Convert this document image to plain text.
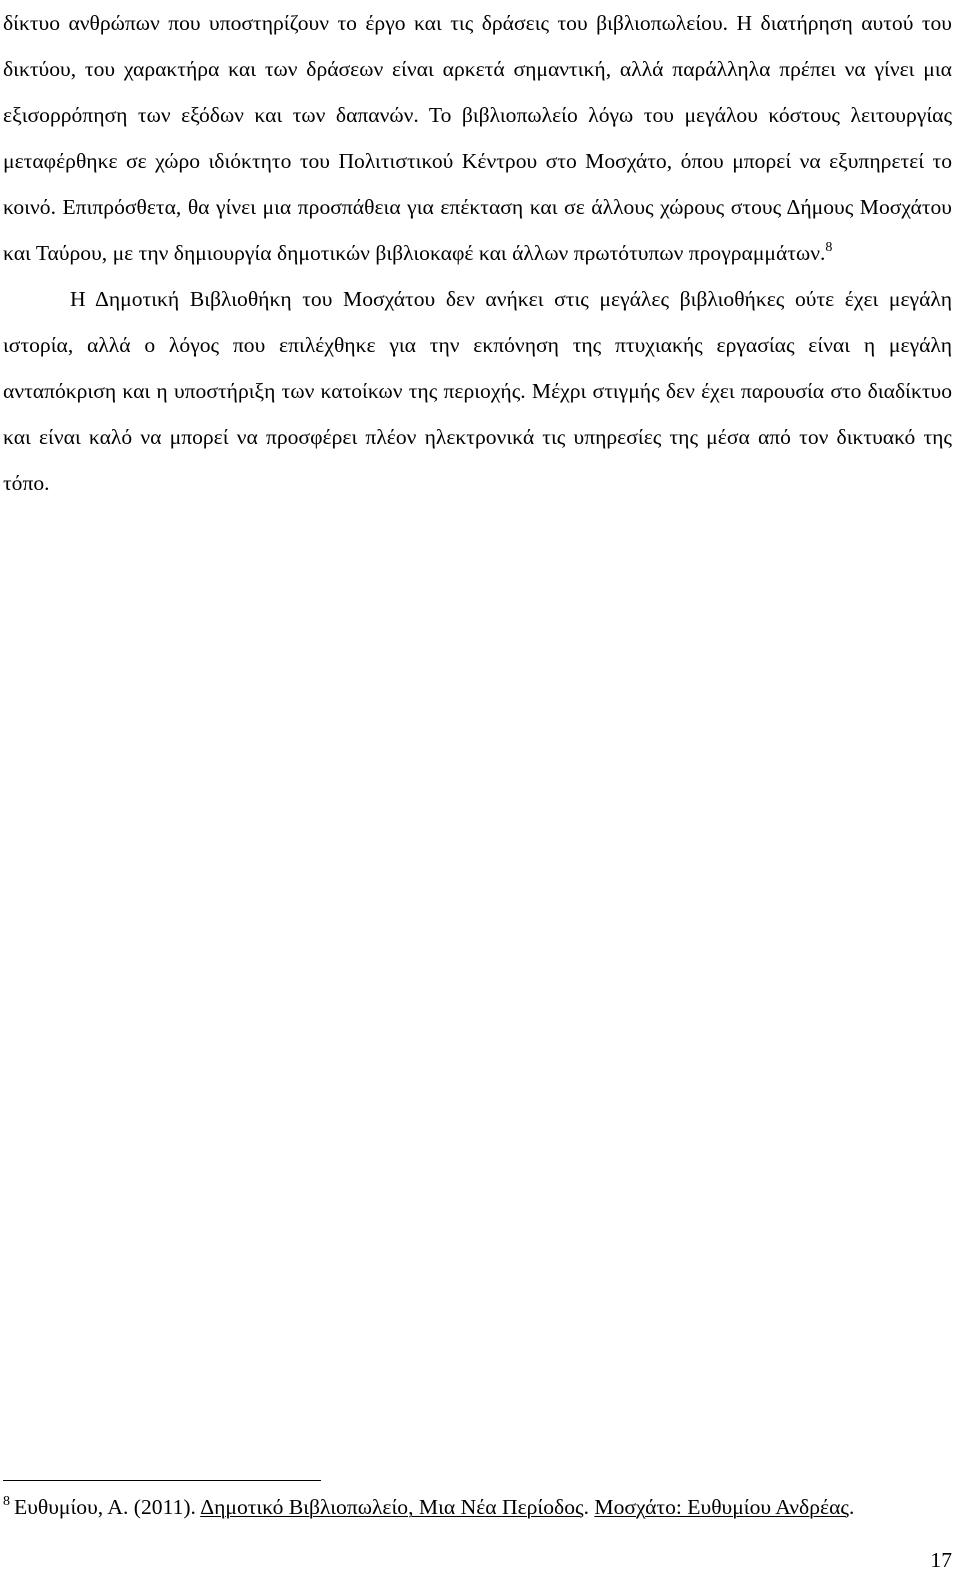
δίκτυο ανθρώπων που υποστηρίζουν το έργο και τις δράσεις του βιβλιοπωλείου. Η διατήρηση αυτού του δικτύου, του χαρακτήρα και των δράσεων είναι αρκετά σημαντική, αλλά παράλληλα πρέπει να γίνει μια εξισορρόπηση των εξόδων και των δαπανών. Το βιβλιοπωλείο λόγω του μεγάλου κόστους λειτουργίας μεταφέρθηκε σε χώρο ιδιόκτητο του Πολιτιστικού Κέντρου στο Μοσχάτο, όπου μπορεί να εξυπηρετεί το κοινό. Επιπρόσθετα, θα γίνει μια προσπάθεια για επέκταση και σε άλλους χώρους στους Δήμους Μοσχάτου και Ταύρου, με την δημιουργία δημοτικών βιβλιοκαφέ και άλλων πρωτότυπων προγραμμάτων.$^8$

Η Δημοτική Βιβλιοθήκη του Μοσχάτου δεν ανήκει στις μεγάλες βιβλιοθήκες ούτε έχει μεγάλη ιστορία, αλλά ο λόγος που επιλέχθηκε για την εκπόνηση της πτυχιακής εργασίας είναι η μεγάλη ανταπόκριση και η υποστήριξη των κατοίκων της περιοχής. Μέχρι στιγμής δεν έχει παρουσία στο διαδίκτυο και είναι καλό να μπορεί να προσφέρει πλέον ηλεκτρονικά τις υπηρεσίες της μέσα από τον δικτυακό της τόπο.

$^8$ Ευθυμίου, Α. (2011). Δημοτικό Βιβλιοπωλείο, Μια Νέα Περίοδος. Μοσχάτο: Ευθυμίου Ανδρέας.
17
